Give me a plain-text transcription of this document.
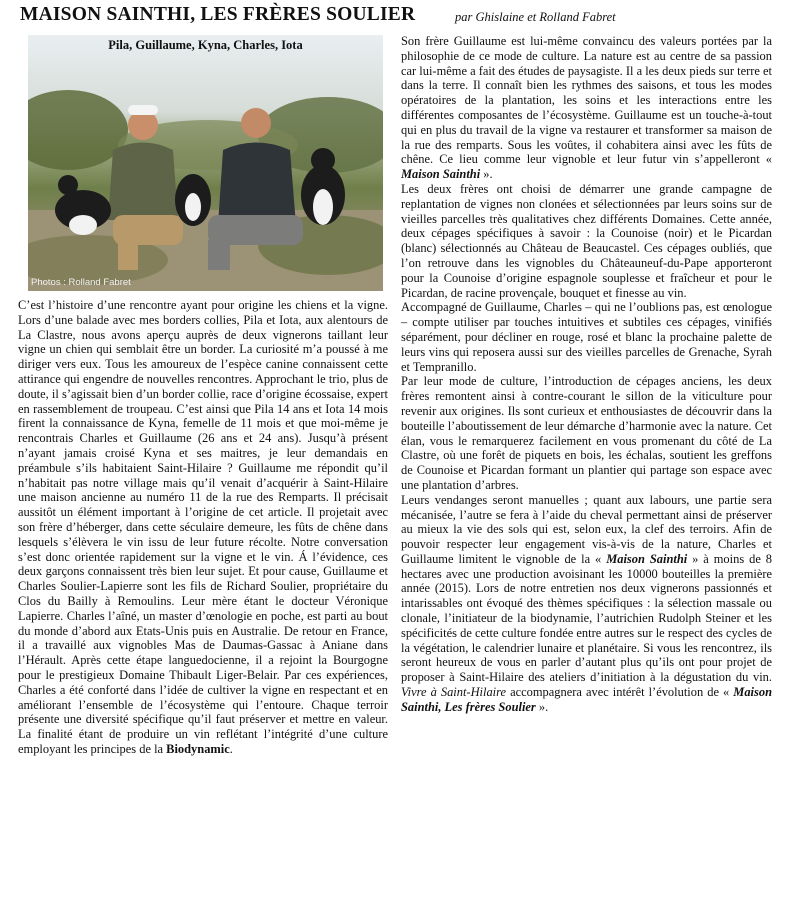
MAISON SAINTHI, LES FRÈRES SOULIER	par Ghislaine et Rolland Fabret
Pila, Guillaume, Kyna, Charles, Iota
Photos : Rolland Fabret

C’est l’histoire d’une rencontre ayant pour origine les chiens et la vigne. Lors d’une balade avec mes borders collies, Pila et Iota, aux alentours de La Clastre, nous avons aperçu auprès de deux vignerons taillant leur vigne un chien qui semblait être un border. La curiosité m’a poussé à me diriger vers eux. Tous les amoureux de l’espèce canine connaissent cette attirance qui engendre de nouvelles rencontres. Approchant le trio, plus de doute, il s’agissait bien d’un border collie, race d’origine écossaise, expert en rassemblement de troupeau. C’est ainsi que Pila 14 ans et Iota 14 mois firent la connaissance de Kyna, femelle de 11 mois et que moi-même je rencontrais Charles et Guillaume (26 ans et 24 ans). Jusqu’à présent n’ayant jamais croisé Kyna et ses maitres, je leur demandais en préambule s’ils habitaient Saint-Hilaire ? Guillaume me répondit qu’il n’habitait pas notre village mais qu’il venait d’acquérir à Saint-Hilaire une maison ancienne au numéro 11 de la rue des Remparts. Il précisait aussitôt un élément important à l’origine de cet article. Il projetait avec son frère d’héberger, dans cette séculaire demeure, les fûts de chêne dans lesquels s’élèvera le vin issu de leur future récolte. Notre conversation s’est donc orientée rapidement sur la vigne et le vin. Á l’évidence, ces deux garçons connaissent très bien leur sujet. Et pour cause, Guillaume et Charles Soulier-Lapierre sont les fils de Richard Soulier, propriétaire du Clos du Bailly à Remoulins. Leur mère étant le docteur Véronique Lapierre. Charles l’aîné, un master d’œnologie en poche, est parti au bout du monde d’abord aux Etats-Unis puis en Australie. De retour en France, il a travaillé aux vignobles Mas de Daumas-Gassac à Aniane dans l’Hérault. Après cette étape languedocienne, il a rejoint la Bourgogne pour le prestigieux Domaine Thibault Liger-Belair. Par ces expériences, Charles a été conforté dans l’idée de cultiver la vigne en respectant et en améliorant l’ensemble de l’écosystème qui l’entoure. Chaque terroir présente une diversité spécifique qu’il faut préserver et mettre en valeur. La finalité étant de produire un vin reflétant l’intégrité d’une culture employant les principes de la Biodynamic.

Son frère Guillaume est lui-même convaincu des valeurs portées par la philosophie de ce mode de culture. La nature est au centre de sa passion car lui-même a fait des études de paysagiste. Il a les deux pieds sur terre et dans la terre. Il connaît bien les rythmes des saisons, et tous les modes opératoires de la plantation, les soins et les interactions entre les différentes composantes de l’écosystème. Guillaume est un touche-à-tout qui en plus du travail de la vigne va restaurer et transformer sa maison de la rue des remparts. Sous les voûtes, il cohabitera ainsi avec les fûts de chêne. Ce lieu comme leur vignoble et leur futur vin s’appelleront « Maison Sainthi ».

Les deux frères ont choisi de démarrer une grande campagne de replantation de vignes non clonées et sélectionnées par leurs soins sur de vieilles parcelles très qualitatives chez différents Domaines. Cette année, deux cépages spécifiques à savoir : la Counoise (noir) et le Picardan (blanc) sélectionnés au Château de Beaucastel. Ces cépages oubliés, que l’on retrouve dans les vignobles du Châteauneuf-du-Pape apporteront pour la Counoise d’origine espagnole souplesse et fraîcheur et pour le Picardan, de racine provençale, bouquet et finesse au vin.

Accompagné de Guillaume, Charles – qui ne l’oublions pas, est œnologue – compte utiliser par touches intuitives et subtiles ces cépages, vinifiés séparément, pour décliner en rouge, rosé et blanc la prochaine palette de leurs vins qui reposera aussi sur des vieilles parcelles de Grenache, Syrah et Tempranillo.

Par leur mode de culture, l’introduction de cépages anciens, les deux frères remontent ainsi à contre-courant le sillon de la viticulture pour revenir aux origines. Ils sont curieux et enthousiastes de découvrir dans la bouteille l’aboutissement de leur démarche d’harmonie avec la nature. Cet élan, vous le remarquerez facilement en vous promenant du côté de La Clastre, où une forêt de piquets en bois, les échalas, soutient les greffons de Counoise et Picardan formant un plantier qui partage son espace avec une plantation d’arbres.

Leurs vendanges seront manuelles ; quant aux labours, une partie sera mécanisée, l’autre se fera à l’aide du cheval permettant ainsi de préserver au mieux la vie des sols qui est, selon eux, la clef des terroirs. Afin de pouvoir respecter leur engagement vis-à-vis de la nature, Charles et Guillaume limitent le vignoble de la « Maison Sainthi » à moins de 8 hectares avec une production avoisinant les 10000 bouteilles la première année (2015). Lors de notre entretien nos deux vignerons passionnés et intarissables ont évoqué des thèmes spécifiques : la sélection massale ou clonale, l’initiateur de la biodynamie, l’autrichien Rudolph Steiner et les spécificités de cette culture fondée entre autres sur le respect des cycles de la végétation, le calendrier lunaire et planétaire. Si vous les rencontrez, ils seront heureux de vous en parler d’autant plus qu’ils ont pour projet de proposer à Saint-Hilaire des ateliers d’initiation à la dégustation du vin. Vivre à Saint-Hilaire accompagnera avec intérêt l’évolution de « Maison Sainthi, Les frères Soulier ».
